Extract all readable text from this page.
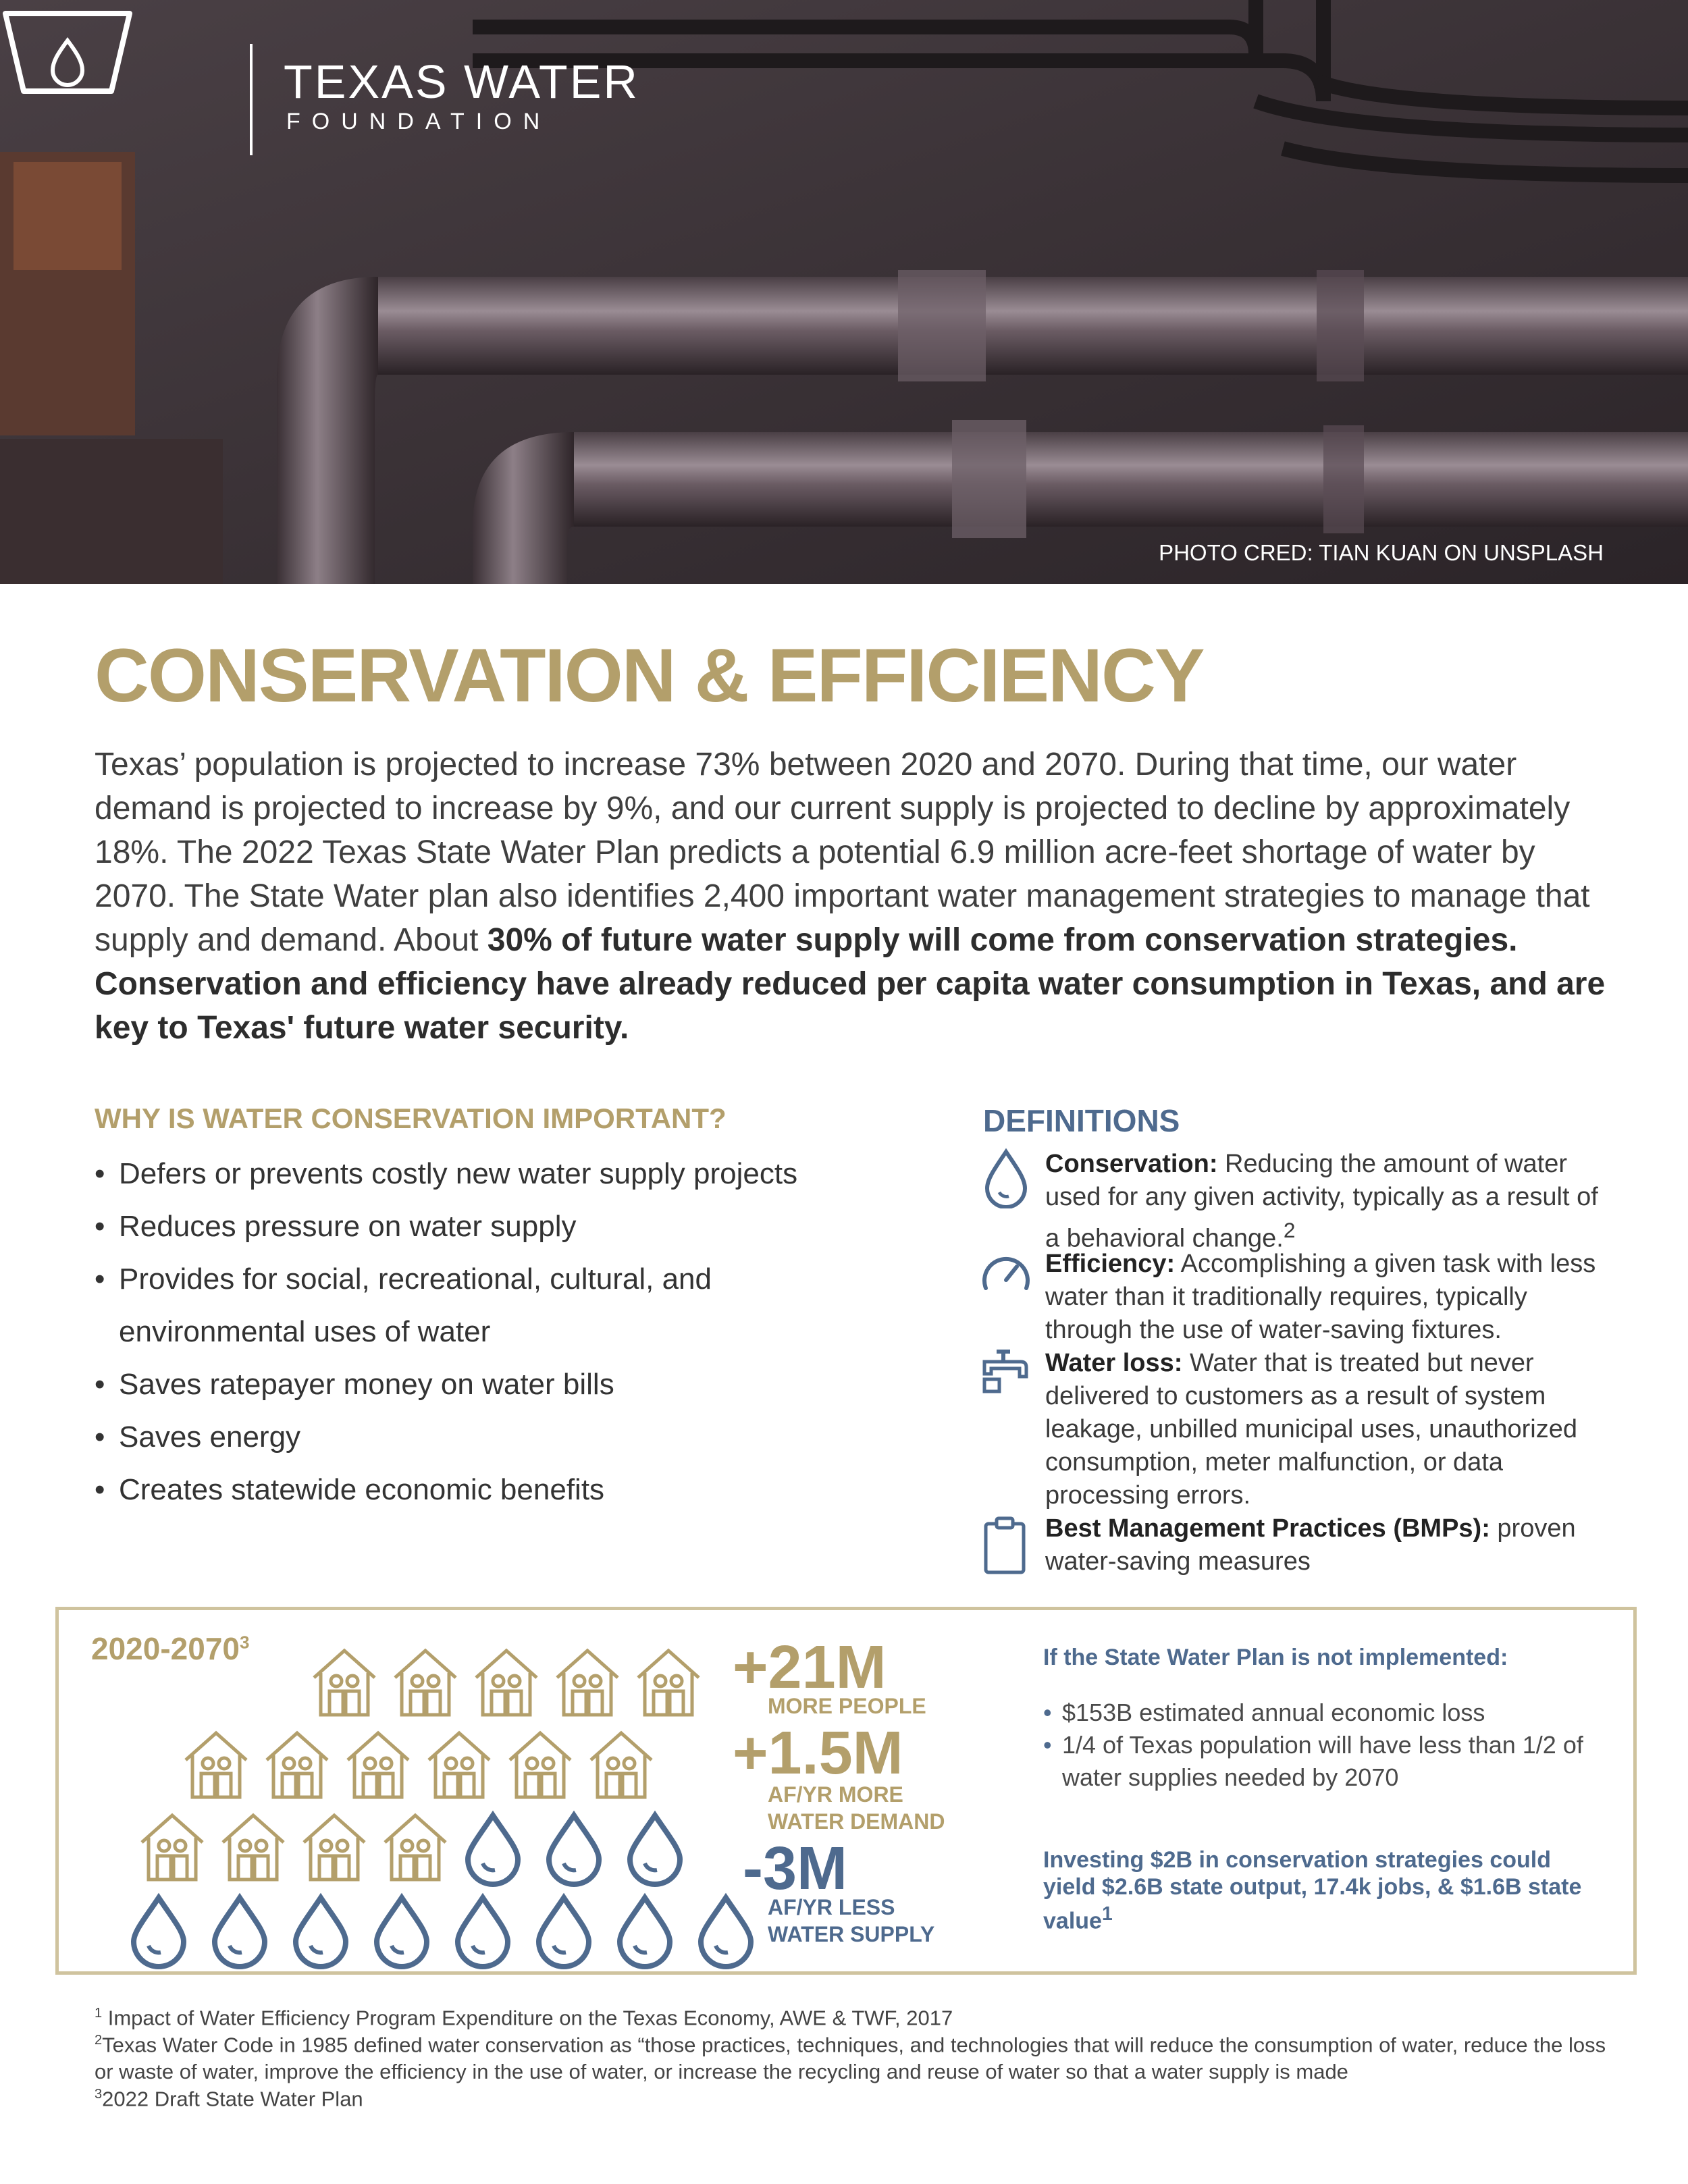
TEXAS WATER
FOUNDATION
PHOTO CRED: TIAN KUAN ON UNSPLASH
CONSERVATION & EFFICIENCY

Texas’ population is projected to increase 73% between 2020 and 2070. During that time, our water demand is projected to increase by 9%, and our current supply is projected to decline by approximately 18%. The 2022 Texas State Water Plan predicts a potential 6.9 million acre-feet shortage of water by 2070. The State Water plan also identifies 2,400 important water management strategies to manage that supply and demand. About 30% of future water supply will come from conservation strategies. Conservation and efficiency have already reduced per capita water consumption in Texas, and are key to Texas' future water security.

WHY IS WATER CONSERVATION IMPORTANT?
• Defers or prevents costly new water supply projects
• Reduces pressure on water supply
• Provides for social, recreational, cultural, and environmental uses of water
• Saves ratepayer money on water bills
• Saves energy
• Creates statewide economic benefits
DEFINITIONS
Conservation: Reducing the amount of water used for any given activity, typically as a result of a behavioral change.$^2$
Efficiency: Accomplishing a given task with less water than it traditionally requires, typically through the use of water-saving fixtures.
Water loss: Water that is treated but never delivered to customers as a result of system leakage, unbilled municipal uses, unauthorized consumption, meter malfunction, or data processing errors.
Best Management Practices (BMPs): proven water-saving measures
$2020-2070^3$	+21M
MORE PEOPLE
+1.5M
AF/YR MORE
WATER DEMAND
-3M
AF/YR LESS
WATER SUPPLY
If the State Water Plan is not implemented:
• $153B estimated annual economic loss
• 1/4 of Texas population will have less than 1/2 of water supplies needed by 2070
Investing $2B in conservation strategies could yield $2.6B state output, 17.4k jobs, & $1.6B state value$^1$
$^1$ Impact of Water Efficiency Program Expenditure on the Texas Economy, AWE & TWF, 2017
$^2$Texas Water Code in 1985 defined water conservation as “those practices, techniques, and technologies that will reduce the consumption of water, reduce the loss or waste of water, improve the efficiency in the use of water, or increase the recycling and reuse of water so that a water supply is made
$^3$2022 Draft State Water Plan
